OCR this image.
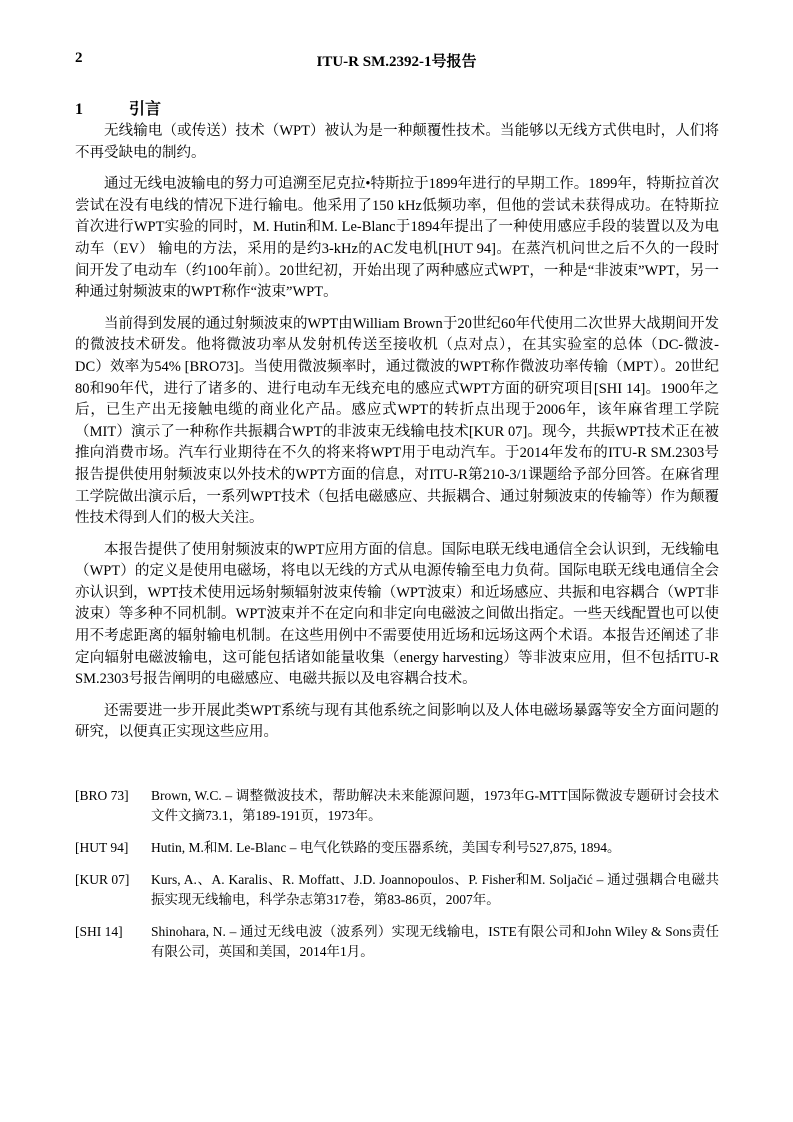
2	ITU-R SM.2392-1号报告
1	引言

无线输电（或传送）技术（WPT）被认为是一种颠覆性技术。当能够以无线方式供电时，人们将不再受缺电的制约。

通过无线电波输电的努力可追溯至尼克拉•特斯拉于1899年进行的早期工作。1899年，特斯拉首次尝试在没有电线的情况下进行输电。他采用了150 kHz低频功率，但他的尝试未获得成功。在特斯拉首次进行WPT实验的同时，M. Hutin和M. Le-Blanc于1894年提出了一种使用感应手段的装置以及为电动车（EV） 输电的方法，采用的是约3-kHz的AC发电机[HUT 94]。在蒸汽机问世之后不久的一段时间开发了电动车（约100年前）。20世纪初，开始出现了两种感应式WPT，一种是“非波束”WPT，另一种通过射频波束的WPT称作“波束”WPT。

当前得到发展的通过射频波束的WPT由William Brown于20世纪60年代使用二次世界大战期间开发的微波技术研发。他将微波功率从发射机传送至接收机（点对点），在其实验室的总体（DC-微波-DC）效率为54% [BRO73]。当使用微波频率时，通过微波的WPT称作微波功率传输（MPT）。20世纪80和90年代，进行了诸多的、进行电动车无线充电的感应式WPT方面的研究项目[SHI 14]。1900年之后，已生产出无接触电缆的商业化产品。感应式WPT的转折点出现于2006年，该年麻省理工学院（MIT）演示了一种称作共振耦合WPT的非波束无线输电技术[KUR 07]。现今，共振WPT技术正在被推向消费市场。汽车行业期待在不久的将来将WPT用于电动汽车。于2014年发布的ITU-R SM.2303号报告提供使用射频波束以外技术的WPT方面的信息，对ITU-R第210-3/1课题给予部分回答。在麻省理工学院做出演示后，一系列WPT技术（包括电磁感应、共振耦合、通过射频波束的传输等）作为颠覆性技术得到人们的极大关注。

本报告提供了使用射频波束的WPT应用方面的信息。国际电联无线电通信全会认识到，无线输电（WPT）的定义是使用电磁场，将电以无线的方式从电源传输至电力负荷。国际电联无线电通信全会亦认识到，WPT技术使用远场射频辐射波束传输（WPT波束）和近场感应、共振和电容耦合（WPT非波束）等多种不同机制。WPT波束并不在定向和非定向电磁波之间做出指定。一些天线配置也可以使用不考虑距离的辐射输电机制。在这些用例中不需要使用近场和远场这两个术语。本报告还阐述了非定向辐射电磁波输电，这可能包括诸如能量收集（energy harvesting）等非波束应用，但不包括ITU-R SM.2303号报告阐明的电磁感应、电磁共振以及电容耦合技术。

还需要进一步开展此类WPT系统与现有其他系统之间影响以及人体电磁场暴露等安全方面问题的研究，以便真正实现这些应用。

[BRO 73]	Brown, W.C. – 调整微波技术，帮助解决未来能源问题，1973年G-MTT国际微波专题研讨会技术文件文摘73.1，第189-191页，1973年。
[HUT 94]	Hutin, M.和M. Le-Blanc – 电气化铁路的变压器系统，美国专利号527,875, 1894。
[KUR 07]	Kurs, A.、A. Karalis、R. Moffatt、J.D. Joannopoulos、P. Fisher和M. Soljačić – 通过强耦合电磁共振实现无线输电，科学杂志第317卷，第83-86页，2007年。
[SHI 14]	Shinohara, N. – 通过无线电波（波系列）实现无线输电，ISTE有限公司和John Wiley & Sons责任有限公司，英国和美国，2014年1月。
